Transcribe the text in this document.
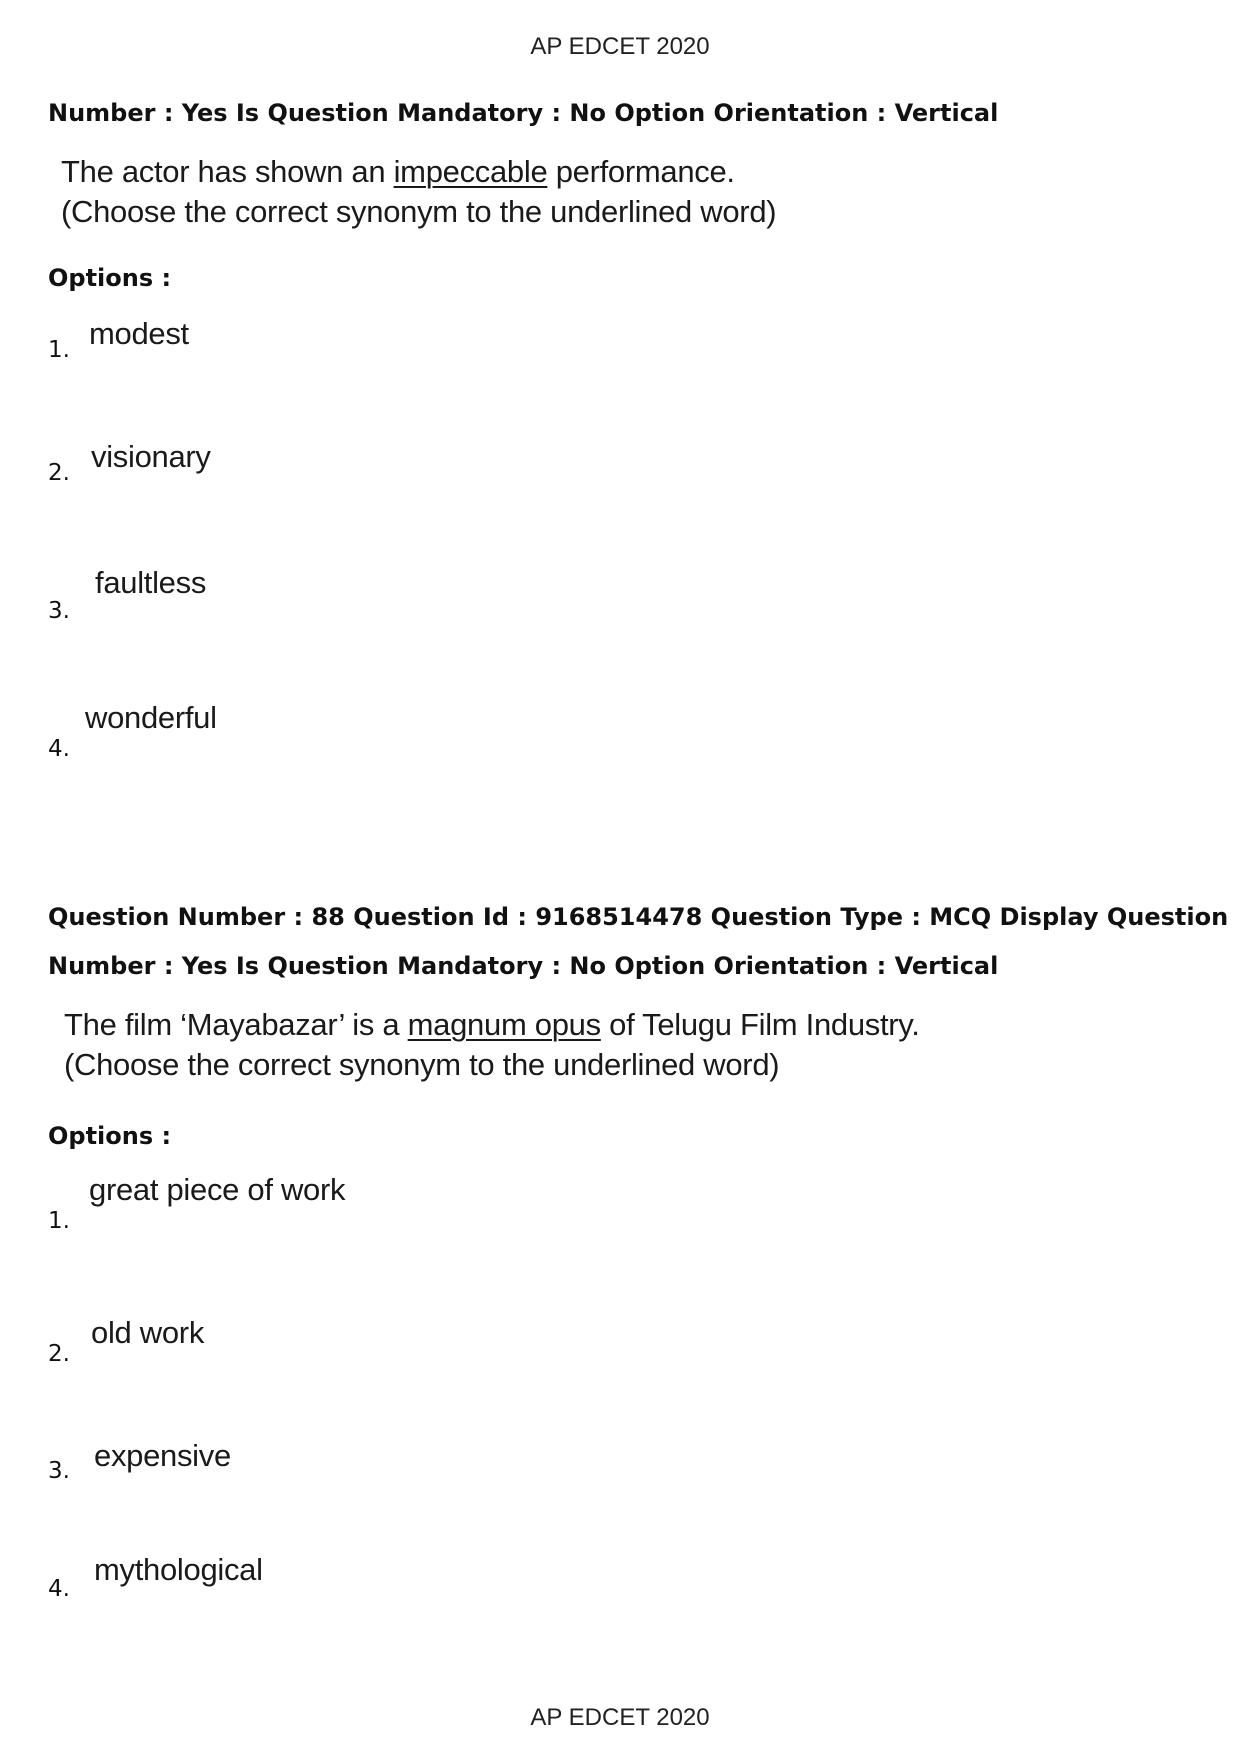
AP EDCET 2020
Number : Yes Is Question Mandatory : No Option Orientation : Vertical
The actor has shown an impeccable performance.
(Choose the correct synonym to the underlined word)
Options :
1. modest
2. visionary
3.
faultless
4.
wonderful
Question Number : 88 Question Id : 9168514478 Question Type : MCQ Display Question
Number : Yes Is Question Mandatory : No Option Orientation : Vertical
The film ‘Mayabazar’ is a magnum opus of Telugu Film Industry.
(Choose the correct synonym to the underlined word)
Options :
1.
great piece of work
2.
old work
3. expensive
4.
mythological
AP EDCET 2020
